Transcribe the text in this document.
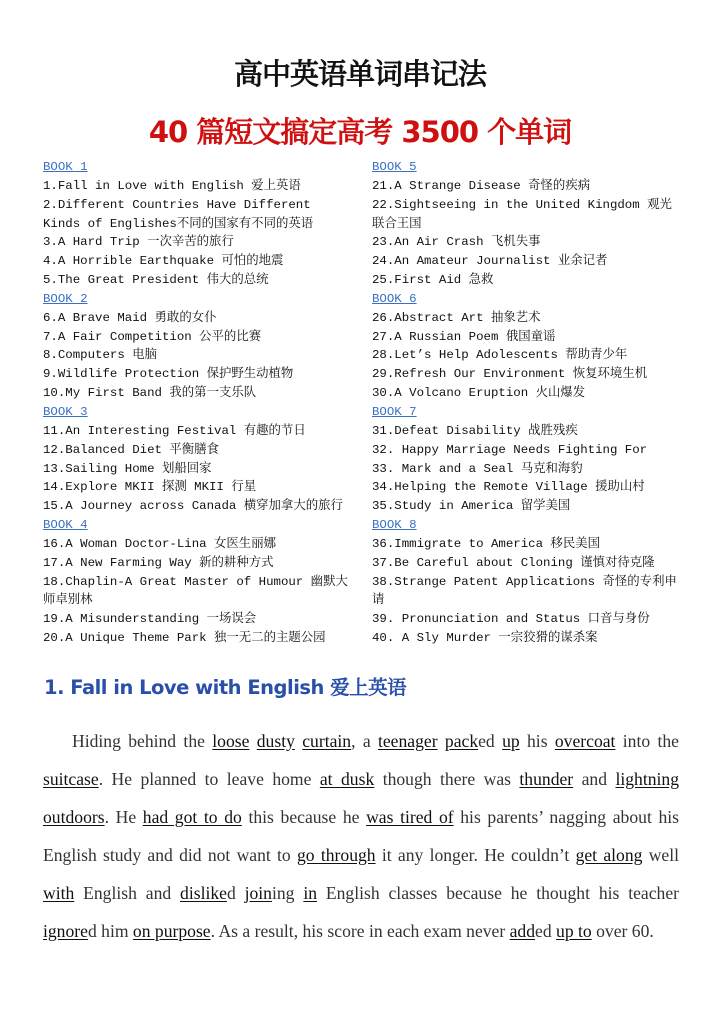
高中英语单词串记法
40 篇短文搞定高考 3500 个单词
BOOK 1
1.Fall in Love with English 爱上英语
2.Different Countries Have Different Kinds of Englishes不同的国家有不同的英语
3.A Hard Trip 一次辛苦的旅行
4.A Horrible Earthquake 可怕的地震
5.The Great President 伟大的总统
BOOK 2
6.A Brave Maid 勇敢的女仆
7.A Fair Competition 公平的比赛
8.Computers 电脑
9.Wildlife Protection 保护野生动植物
10.My First Band 我的第一支乐队
BOOK 3
11.An Interesting Festival 有趣的节日
12.Balanced Diet 平衡膳食
13.Sailing Home 划船回家
14.Explore MKII 探测 MKII 行星
15.A Journey across Canada 横穿加拿大的旅行
BOOK 4
16.A Woman Doctor-Lina 女医生丽娜
17.A New Farming Way 新的耕种方式
18.Chaplin-A Great Master of Humour 幽默大师卓别林
19.A Misunderstanding 一场误会
20.A Unique Theme Park 独一无二的主题公园
BOOK 5
21.A Strange Disease 奇怪的疾病
22.Sightseeing in the United Kingdom 观光联合王国
23.An Air Crash 飞机失事
24.An Amateur Journalist 业余记者
25.First Aid 急救
BOOK 6
26.Abstract Art 抽象艺术
27.A Russian Poem 俄国童谣
28.Let’s Help Adolescents 帮助青少年
29.Refresh Our Environment 恢复环境生机
30.A Volcano Eruption 火山爆发
BOOK 7
31.Defeat Disability 战胜残疾
32. Happy Marriage Needs Fighting For
33. Mark and a Seal 马克和海豹
34.Helping the Remote Village 援助山村
35.Study in America 留学美国
BOOK 8
36.Immigrate to America 移民美国
37.Be Careful about Cloning 谨慎对待克隆
38.Strange Patent Applications 奇怪的专利申请
39. Pronunciation and Status 口音与身份
40. A Sly Murder 一宗狡猾的谋杀案
1. Fall in Love with English 爱上英语

Hiding behind the loose dusty curtain, a teenager packed up his overcoat into the suitcase. He planned to leave home at dusk though there was thunder and lightning outdoors. He had got to do this because he was tired of his parents’ nagging about his English study and did not want to go through it any longer. He couldn’t get along well with English and disliked joining in English classes because he thought his teacher ignored him on purpose. As a result, his score in each exam never added up to over 60.
